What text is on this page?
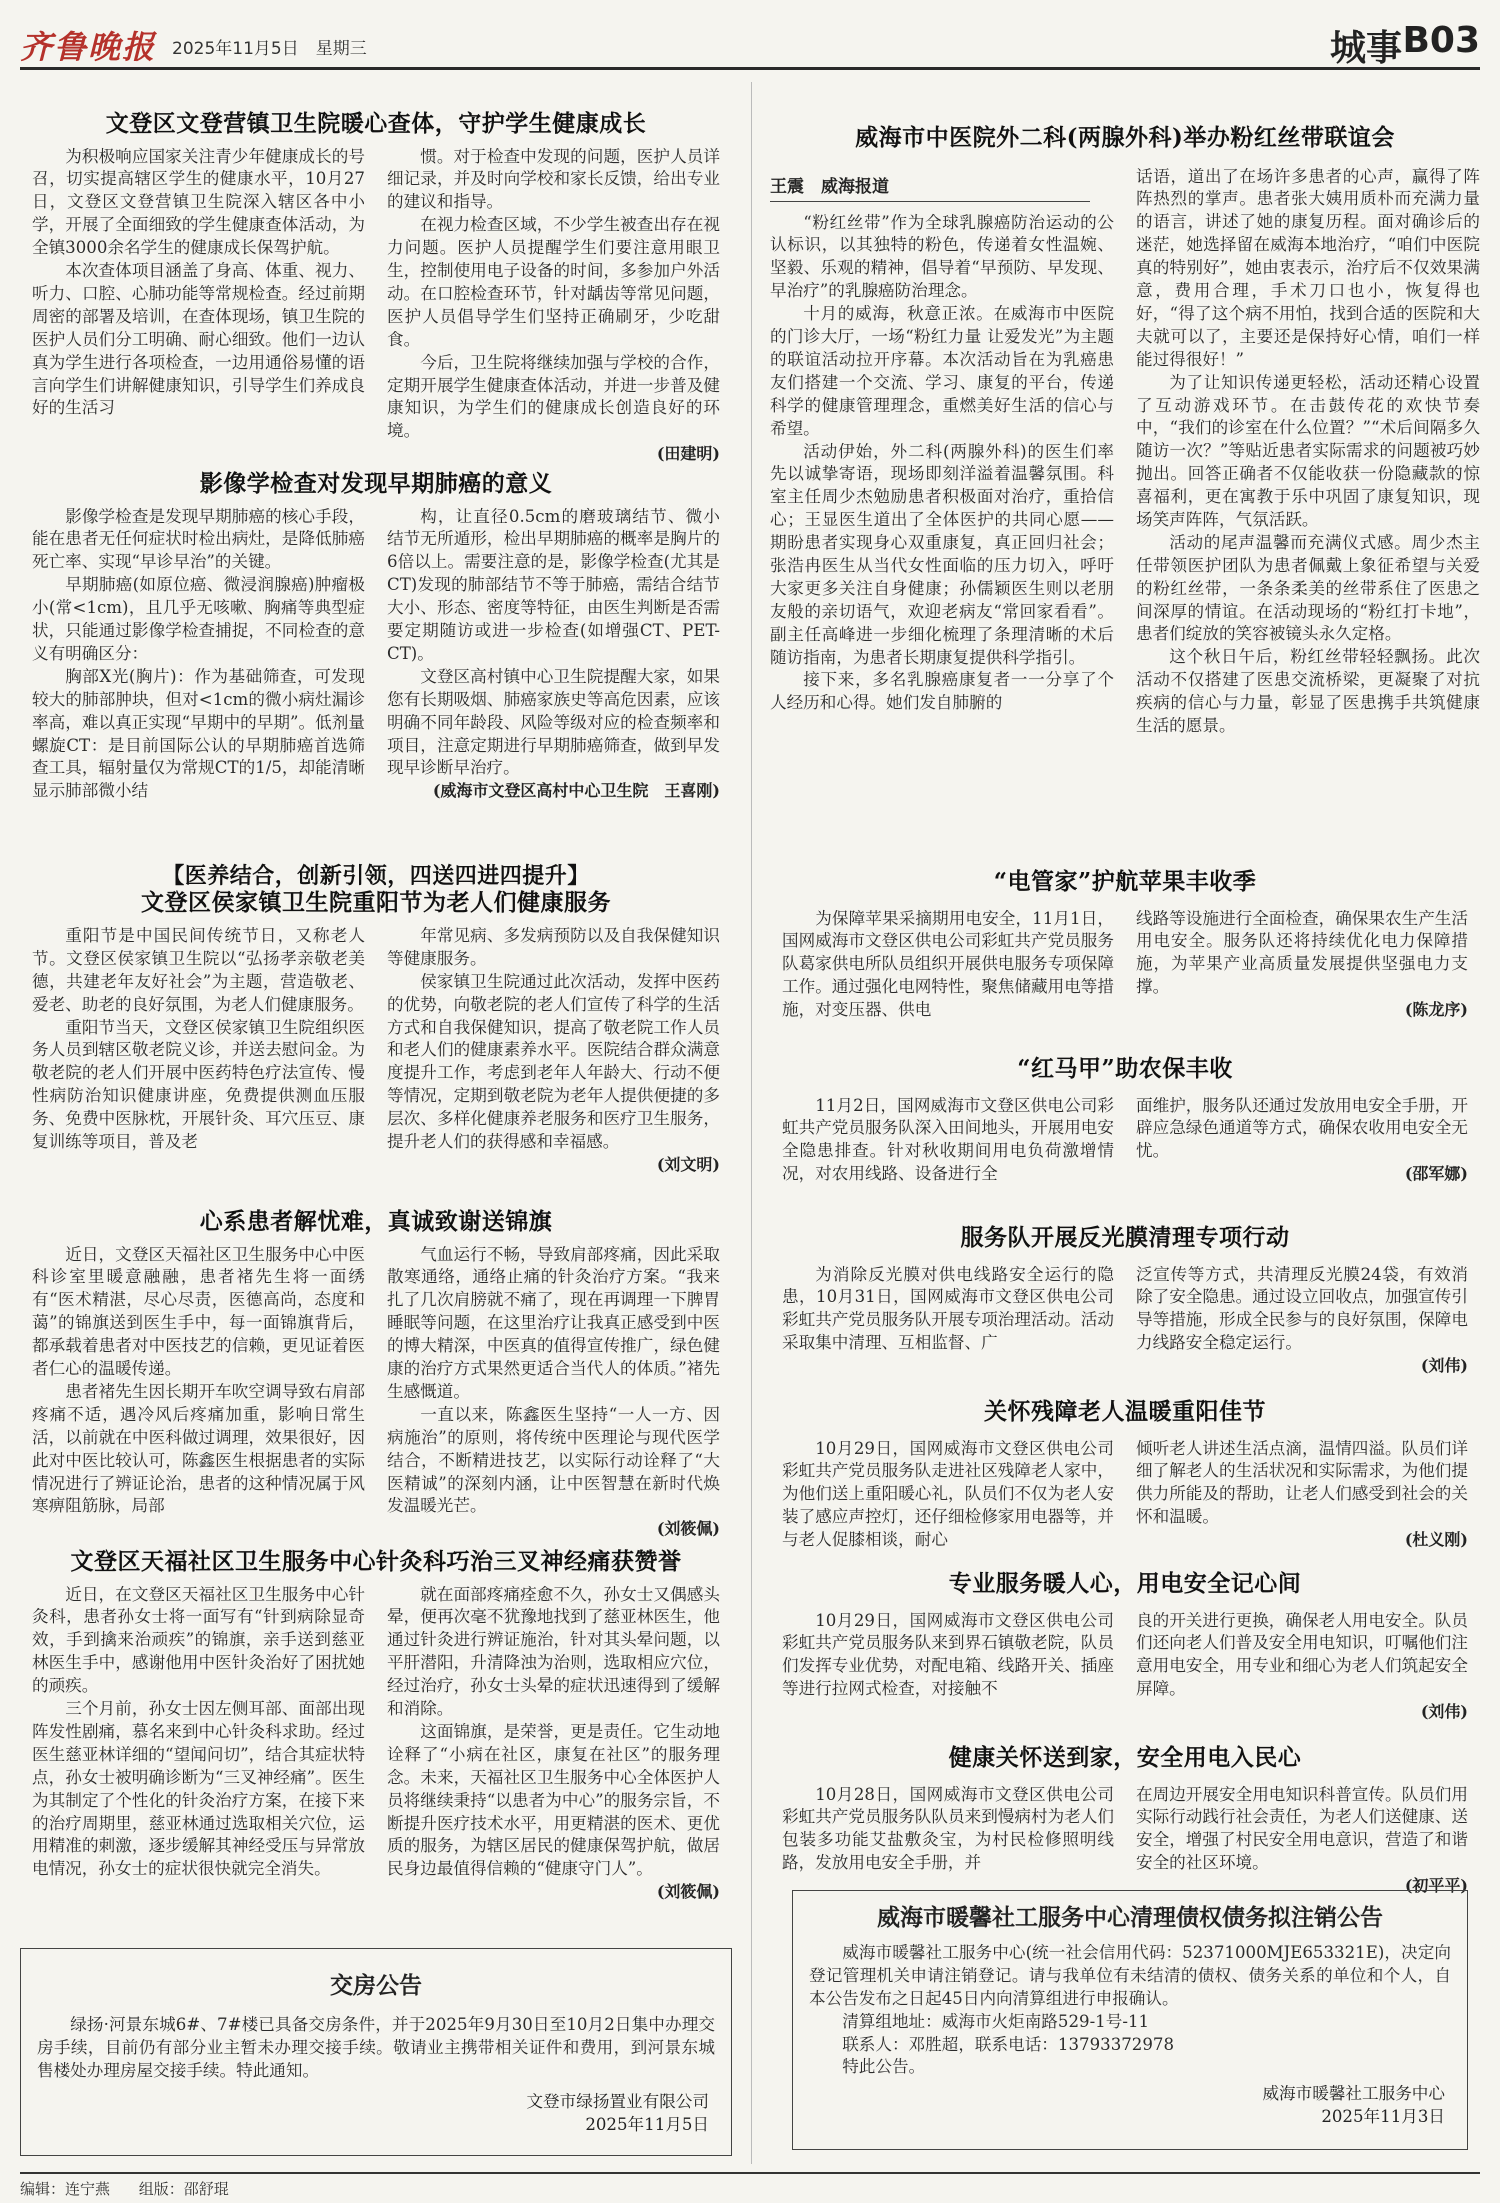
齐鲁晚报 2025年11月5日　星期三	城事 B03
文登区文登营镇卫生院暖心查体，守护学生健康成长

为积极响应国家关注青少年健康成长的号召，切实提高辖区学生的健康水平，10月27日，文登区文登营镇卫生院深入辖区各中小学，开展了全面细致的学生健康查体活动，为全镇3000余名学生的健康成长保驾护航。

本次查体项目涵盖了身高、体重、视力、听力、口腔、心肺功能等常规检查。经过前期周密的部署及培训，在查体现场，镇卫生院的医护人员们分工明确、耐心细致。他们一边认真为学生进行各项检查，一边用通俗易懂的语言向学生们讲解健康知识，引导学生们养成良好的生活习

惯。对于检查中发现的问题，医护人员详细记录，并及时向学校和家长反馈，给出专业的建议和指导。

在视力检查区域，不少学生被查出存在视力问题。医护人员提醒学生们要注意用眼卫生，控制使用电子设备的时间，多参加户外活动。在口腔检查环节，针对龋齿等常见问题，医护人员倡导学生们坚持正确刷牙，少吃甜食。

今后，卫生院将继续加强与学校的合作，定期开展学生健康查体活动，并进一步普及健康知识，为学生们的健康成长创造良好的环境。

(田建明)
影像学检查对发现早期肺癌的意义

影像学检查是发现早期肺癌的核心手段，能在患者无任何症状时检出病灶，是降低肺癌死亡率、实现“早诊早治”的关键。

早期肺癌(如原位癌、微浸润腺癌)肿瘤极小(常<1cm)，且几乎无咳嗽、胸痛等典型症状，只能通过影像学检查捕捉，不同检查的意义有明确区分：

胸部X光(胸片)：作为基础筛查，可发现较大的肺部肿块，但对<1cm的微小病灶漏诊率高，难以真正实现“早期中的早期”。低剂量螺旋CT：是目前国际公认的早期肺癌首选筛查工具，辐射量仅为常规CT的1/5，却能清晰显示肺部微小结

构，让直径0.5cm的磨玻璃结节、微小结节无所遁形，检出早期肺癌的概率是胸片的6倍以上。需要注意的是，影像学检查(尤其是CT)发现的肺部结节不等于肺癌，需结合结节大小、形态、密度等特征，由医生判断是否需要定期随访或进一步检查(如增强CT、PET-CT)。

文登区高村镇中心卫生院提醒大家，如果您有长期吸烟、肺癌家族史等高危因素，应该明确不同年龄段、风险等级对应的检查频率和项目，注意定期进行早期肺癌筛查，做到早发现早诊断早治疗。

(威海市文登区高村中心卫生院　王喜刚)
【医养结合，创新引领，四送四进四提升】
文登区侯家镇卫生院重阳节为老人们健康服务

重阳节是中国民间传统节日，又称老人节。文登区侯家镇卫生院以“弘扬孝亲敬老美德，共建老年友好社会”为主题，营造敬老、爱老、助老的良好氛围，为老人们健康服务。

重阳节当天，文登区侯家镇卫生院组织医务人员到辖区敬老院义诊，并送去慰问金。为敬老院的老人们开展中医药特色疗法宣传、慢性病防治知识健康讲座，免费提供测血压服务、免费中医脉枕，开展针灸、耳穴压豆、康复训练等项目，普及老

年常见病、多发病预防以及自我保健知识等健康服务。

侯家镇卫生院通过此次活动，发挥中医药的优势，向敬老院的老人们宣传了科学的生活方式和自我保健知识，提高了敬老院工作人员和老人们的健康素养水平。医院结合群众满意度提升工作，考虑到老年人年龄大、行动不便等情况，定期到敬老院为老年人提供便捷的多层次、多样化健康养老服务和医疗卫生服务，提升老人们的获得感和幸福感。

(刘文明)
心系患者解忧难，真诚致谢送锦旗

近日，文登区天福社区卫生服务中心中医科诊室里暖意融融，患者褚先生将一面绣有“医术精湛，尽心尽责，医德高尚，态度和蔼”的锦旗送到医生手中，每一面锦旗背后，都承载着患者对中医技艺的信赖，更见证着医者仁心的温暖传递。

患者褚先生因长期开车吹空调导致右肩部疼痛不适，遇冷风后疼痛加重，影响日常生活，以前就在中医科做过调理，效果很好，因此对中医比较认可，陈鑫医生根据患者的实际情况进行了辨证论治，患者的这种情况属于风寒痹阻筋脉，局部

气血运行不畅，导致肩部疼痛，因此采取散寒通络，通络止痛的针灸治疗方案。“我来扎了几次肩膀就不痛了，现在再调理一下脾胃睡眠等问题，在这里治疗让我真正感受到中医的博大精深，中医真的值得宣传推广，绿色健康的治疗方式果然更适合当代人的体质。”褚先生感慨道。

一直以来，陈鑫医生坚持“一人一方、因病施治”的原则，将传统中医理论与现代医学结合，不断精进技艺，以实际行动诠释了“大医精诚”的深刻内涵，让中医智慧在新时代焕发温暖光芒。

(刘筱佩)
文登区天福社区卫生服务中心针灸科巧治三叉神经痛获赞誉

近日，在文登区天福社区卫生服务中心针灸科，患者孙女士将一面写有“针到病除显奇效，手到擒来治顽疾”的锦旗，亲手送到慈亚林医生手中，感谢他用中医针灸治好了困扰她的顽疾。

三个月前，孙女士因左侧耳部、面部出现阵发性剧痛，慕名来到中心针灸科求助。经过医生慈亚林详细的“望闻问切”，结合其症状特点，孙女士被明确诊断为“三叉神经痛”。医生为其制定了个性化的针灸治疗方案，在接下来的治疗周期里，慈亚林通过选取相关穴位，运用精准的刺激，逐步缓解其神经受压与异常放电情况，孙女士的症状很快就完全消失。

就在面部疼痛痊愈不久，孙女士又偶感头晕，便再次毫不犹豫地找到了慈亚林医生，他通过针灸进行辨证施治，针对其头晕问题，以平肝潜阳，升清降浊为治则，选取相应穴位，经过治疗，孙女士头晕的症状迅速得到了缓解和消除。

这面锦旗，是荣誉，更是责任。它生动地诠释了“小病在社区，康复在社区”的服务理念。未来，天福社区卫生服务中心全体医护人员将继续秉持“以患者为中心”的服务宗旨，不断提升医疗技术水平，用更精湛的医术、更优质的服务，为辖区居民的健康保驾护航，做居民身边最值得信赖的“健康守门人”。

(刘筱佩)
交房公告

绿扬·河景东城6#、7#楼已具备交房条件，并于2025年9月30日至10月2日集中办理交房手续，目前仍有部分业主暂未办理交接手续。敬请业主携带相关证件和费用，到河景东城售楼处办理房屋交接手续。特此通知。

文登市绿扬置业有限公司
2025年11月5日
威海市中医院外二科(两腺外科)举办粉红丝带联谊会
王震　威海报道

“粉红丝带”作为全球乳腺癌防治运动的公认标识，以其独特的粉色，传递着女性温婉、坚毅、乐观的精神，倡导着“早预防、早发现、早治疗”的乳腺癌防治理念。

十月的威海，秋意正浓。在威海市中医院的门诊大厅，一场“粉红力量 让爱发光”为主题的联谊活动拉开序幕。本次活动旨在为乳癌患友们搭建一个交流、学习、康复的平台，传递科学的健康管理理念，重燃美好生活的信心与希望。

活动伊始，外二科(两腺外科)的医生们率先以诚挚寄语，现场即刻洋溢着温馨氛围。科室主任周少杰勉励患者积极面对治疗，重拾信心；王显医生道出了全体医护的共同心愿——期盼患者实现身心双重康复，真正回归社会；张浩冉医生从当代女性面临的压力切入，呼吁大家更多关注自身健康；孙儒颖医生则以老朋友般的亲切语气，欢迎老病友“常回家看看”。副主任高峰进一步细化梳理了条理清晰的术后随访指南，为患者长期康复提供科学指引。

接下来，多名乳腺癌康复者一一分享了个人经历和心得。她们发自肺腑的

话语，道出了在场许多患者的心声，赢得了阵阵热烈的掌声。患者张大姨用质朴而充满力量的语言，讲述了她的康复历程。面对确诊后的迷茫，她选择留在威海本地治疗，“咱们中医院真的特别好”，她由衷表示，治疗后不仅效果满意，费用合理，手术刀口也小，恢复得也好，“得了这个病不用怕，找到合适的医院和大夫就可以了，主要还是保持好心情，咱们一样能过得很好！”

为了让知识传递更轻松，活动还精心设置了互动游戏环节。在击鼓传花的欢快节奏中，“我们的诊室在什么位置？”“术后间隔多久随访一次？”等贴近患者实际需求的问题被巧妙抛出。回答正确者不仅能收获一份隐藏款的惊喜福利，更在寓教于乐中巩固了康复知识，现场笑声阵阵，气氛活跃。

活动的尾声温馨而充满仪式感。周少杰主任带领医护团队为患者佩戴上象征希望与关爱的粉红丝带，一条条柔美的丝带系住了医患之间深厚的情谊。在活动现场的“粉红打卡地”，患者们绽放的笑容被镜头永久定格。

这个秋日午后，粉红丝带轻轻飘扬。此次活动不仅搭建了医患交流桥梁，更凝聚了对抗疾病的信心与力量，彰显了医患携手共筑健康生活的愿景。

“电管家”护航苹果丰收季

为保障苹果采摘期用电安全，11月1日，国网威海市文登区供电公司彩虹共产党员服务队葛家供电所队员组织开展供电服务专项保障工作。通过强化电网特性，聚焦储藏用电等措施，对变压器、供电

线路等设施进行全面检查，确保果农生产生活用电安全。服务队还将持续优化电力保障措施，为苹果产业高质量发展提供坚强电力支撑。

(陈龙序)
“红马甲”助农保丰收

11月2日，国网威海市文登区供电公司彩虹共产党员服务队深入田间地头，开展用电安全隐患排查。针对秋收期间用电负荷激增情况，对农用线路、设备进行全

面维护，服务队还通过发放用电安全手册，开辟应急绿色通道等方式，确保农收用电安全无忧。

(邵军娜)
服务队开展反光膜清理专项行动

为消除反光膜对供电线路安全运行的隐患，10月31日，国网威海市文登区供电公司彩虹共产党员服务队开展专项治理活动。活动采取集中清理、互相监督、广

泛宣传等方式，共清理反光膜24袋，有效消除了安全隐患。通过设立回收点，加强宣传引导等措施，形成全民参与的良好氛围，保障电力线路安全稳定运行。

(刘伟)
关怀残障老人温暖重阳佳节

10月29日，国网威海市文登区供电公司彩虹共产党员服务队走进社区残障老人家中，为他们送上重阳暖心礼，队员们不仅为老人安装了感应声控灯，还仔细检修家用电器等，并与老人促膝相谈，耐心

倾听老人讲述生活点滴，温情四溢。队员们详细了解老人的生活状况和实际需求，为他们提供力所能及的帮助，让老人们感受到社会的关怀和温暖。

(杜义刚)
专业服务暖人心，用电安全记心间

10月29日，国网威海市文登区供电公司彩虹共产党员服务队来到界石镇敬老院，队员们发挥专业优势，对配电箱、线路开关、插座等进行拉网式检查，对接触不

良的开关进行更换，确保老人用电安全。队员们还向老人们普及安全用电知识，叮嘱他们注意用电安全，用专业和细心为老人们筑起安全屏障。

(刘伟)
健康关怀送到家，安全用电入民心

10月28日，国网威海市文登区供电公司彩虹共产党员服务队队员来到慢病村为老人们包装多功能艾盐敷灸宝，为村民检修照明线路，发放用电安全手册，并

在周边开展安全用电知识科普宣传。队员们用实际行动践行社会责任，为老人们送健康、送安全，增强了村民安全用电意识，营造了和谐安全的社区环境。

(初平平)
威海市暖馨社工服务中心清理债权债务拟注销公告

威海市暖馨社工服务中心(统一社会信用代码：52371000MJE653321E)，决定向登记管理机关申请注销登记。请与我单位有未结清的债权、债务关系的单位和个人，自本公告发布之日起45日内向清算组进行申报确认。

清算组地址：威海市火炬南路529-1号-11

联系人：邓胜超，联系电话：13793372978

特此公告。

威海市暖馨社工服务中心
2025年11月3日
编辑：连宁燕 组版：邵舒琨
